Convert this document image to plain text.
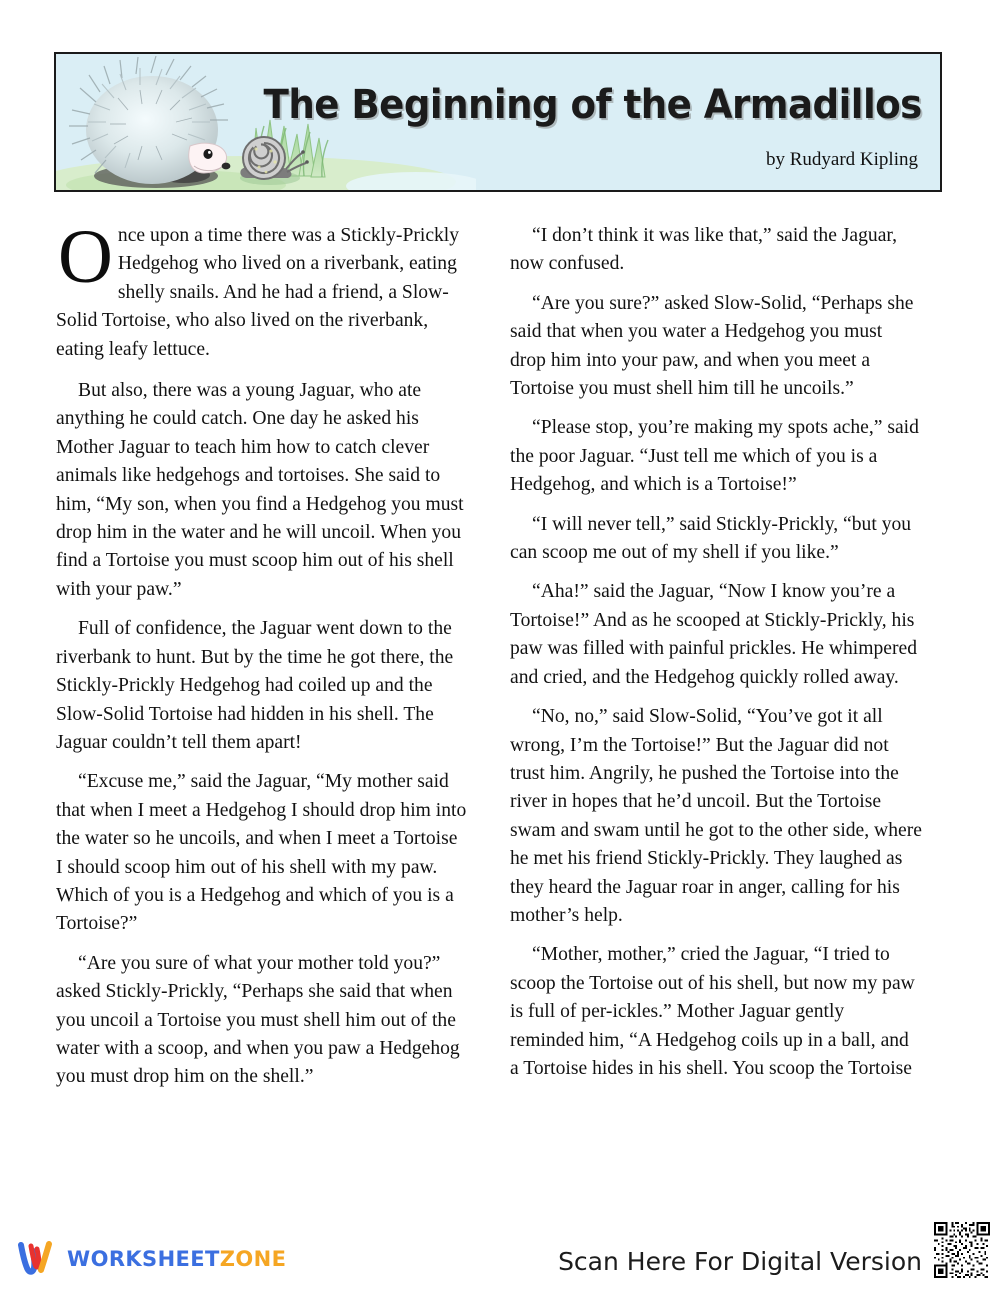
The Beginning of the Armadillos
by Rudyard Kipling

Once upon a time there was a Stickly-Prickly Hedgehog who lived on a riverbank, eating shelly snails. And he had a friend, a Slow-Solid Tortoise, who also lived on the riverbank, eating leafy lettuce.

But also, there was a young Jaguar, who ate anything he could catch. One day he asked his Mother Jaguar to teach him how to catch clever animals like hedgehogs and tortoises. She said to him, “My son, when you find a Hedgehog you must drop him in the water and he will uncoil. When you find a Tortoise you must scoop him out of his shell with your paw.”

Full of confidence, the Jaguar went down to the riverbank to hunt. But by the time he got there, the Stickly-Prickly Hedgehog had coiled up and the Slow-Solid Tortoise had hidden in his shell. The Jaguar couldn’t tell them apart!

“Excuse me,” said the Jaguar, “My mother said that when I meet a Hedgehog I should drop him into the water so he uncoils, and when I meet a Tortoise I should scoop him out of his shell with my paw. Which of you is a Hedgehog and which of you is a Tortoise?”

“Are you sure of what your mother told you?” asked Stickly-Prickly, “Perhaps she said that when you uncoil a Tortoise you must shell him out of the water with a scoop, and when you paw a Hedgehog you must drop him on the shell.”

“I don’t think it was like that,” said the Jaguar, now confused.

“Are you sure?” asked Slow-Solid, “Perhaps she said that when you water a Hedgehog you must drop him into your paw, and when you meet a Tortoise you must shell him till he uncoils.”

“Please stop, you’re making my spots ache,” said the poor Jaguar. “Just tell me which of you is a Hedgehog, and which is a Tortoise!”

“I will never tell,” said Stickly-Prickly, “but you can scoop me out of my shell if you like.”

“Aha!” said the Jaguar, “Now I know you’re a Tortoise!” And as he scooped at Stickly-Prickly, his paw was filled with painful prickles. He whimpered and cried, and the Hedgehog quickly rolled away.

“No, no,” said Slow-Solid, “You’ve got it all wrong, I’m the Tortoise!” But the Jaguar did not trust him. Angrily, he pushed the Tortoise into the river in hopes that he’d uncoil. But the Tortoise swam and swam until he got to the other side, where he met his friend Stickly-Prickly. They laughed as they heard the Jaguar roar in anger, calling for his mother’s help.

“Mother, mother,” cried the Jaguar, “I tried to scoop the Tortoise out of his shell, but now my paw is full of per-ickles.” Mother Jaguar gently reminded him, “A Hedgehog coils up in a ball, and a Tortoise hides in his shell. You scoop the Tortoise

WORKSHEETZONE	Scan Here For Digital Version
